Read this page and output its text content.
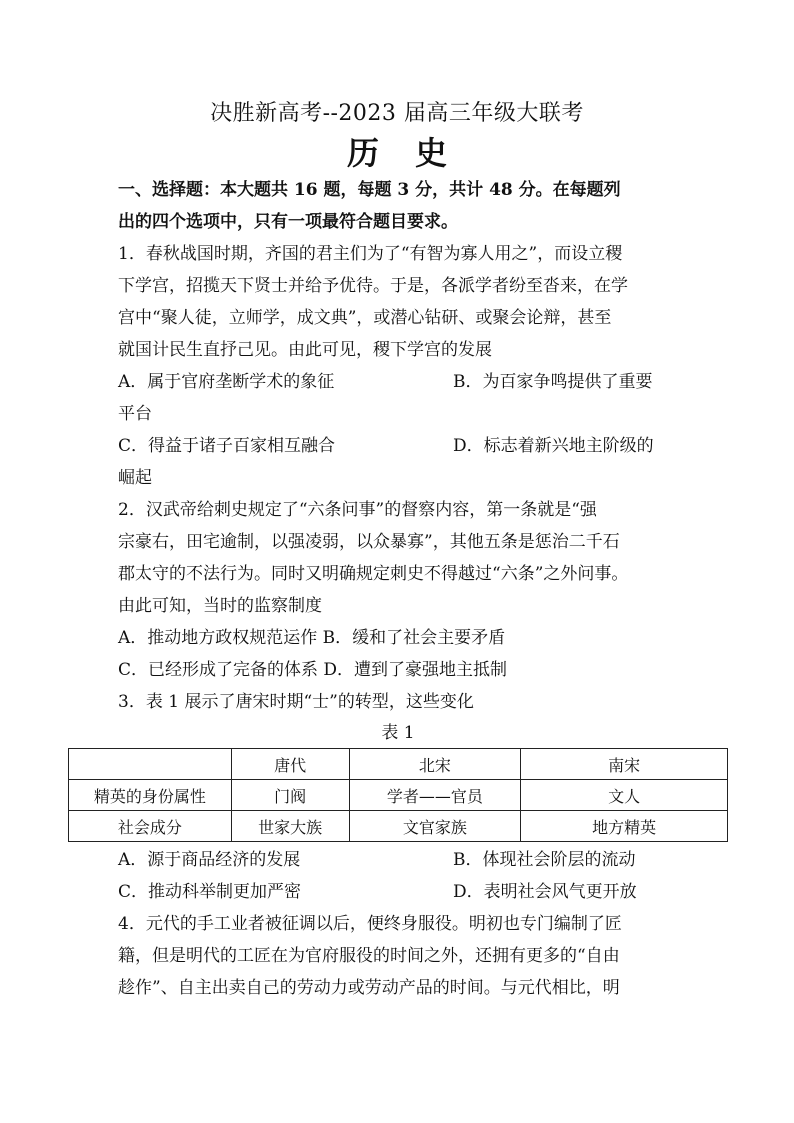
决胜新高考--2023 届高三年级大联考
历 史
一、选择题：本大题共 16 题，每题 3 分，共计 48 分。在每题列
出的四个选项中，只有一项最符合题目要求。
1．春秋战国时期，齐国的君主们为了“有智为寡人用之”，而设立稷
下学宫，招揽天下贤士并给予优待。于是，各派学者纷至沓来，在学
宫中“聚人徒，立师学，成文典”，或潜心钻研、或聚会论辩，甚至
就国计民生直抒己见。由此可见，稷下学宫的发展
A．属于官府垄断学术的象征	B．为百家争鸣提供了重要
平台
C．得益于诸子百家相互融合	D．标志着新兴地主阶级的
崛起
2．汉武帝给刺史规定了“六条问事”的督察内容，第一条就是“强
宗豪右，田宅逾制，以强凌弱，以众暴寡”，其他五条是惩治二千石
郡太守的不法行为。同时又明确规定刺史不得越过“六条”之外问事。
由此可知，当时的监察制度
A．推动地方政权规范运作 B．缓和了社会主要矛盾
C．已经形成了完备的体系 D．遭到了豪强地主抵制
3．表 1 展示了唐宋时期“士”的转型，这些变化
表 1
	唐代	北宋	南宋
精英的身份属性	门阀	学者——官员	文人
社会成分	世家大族	文官家族	地方精英
A．源于商品经济的发展	B．体现社会阶层的流动
C．推动科举制更加严密	D．表明社会风气更开放
4．元代的手工业者被征调以后，便终身服役。明初也专门编制了匠
籍，但是明代的工匠在为官府服役的时间之外，还拥有更多的“自由
趁作”、自主出卖自己的劳动力或劳动产品的时间。与元代相比，明
